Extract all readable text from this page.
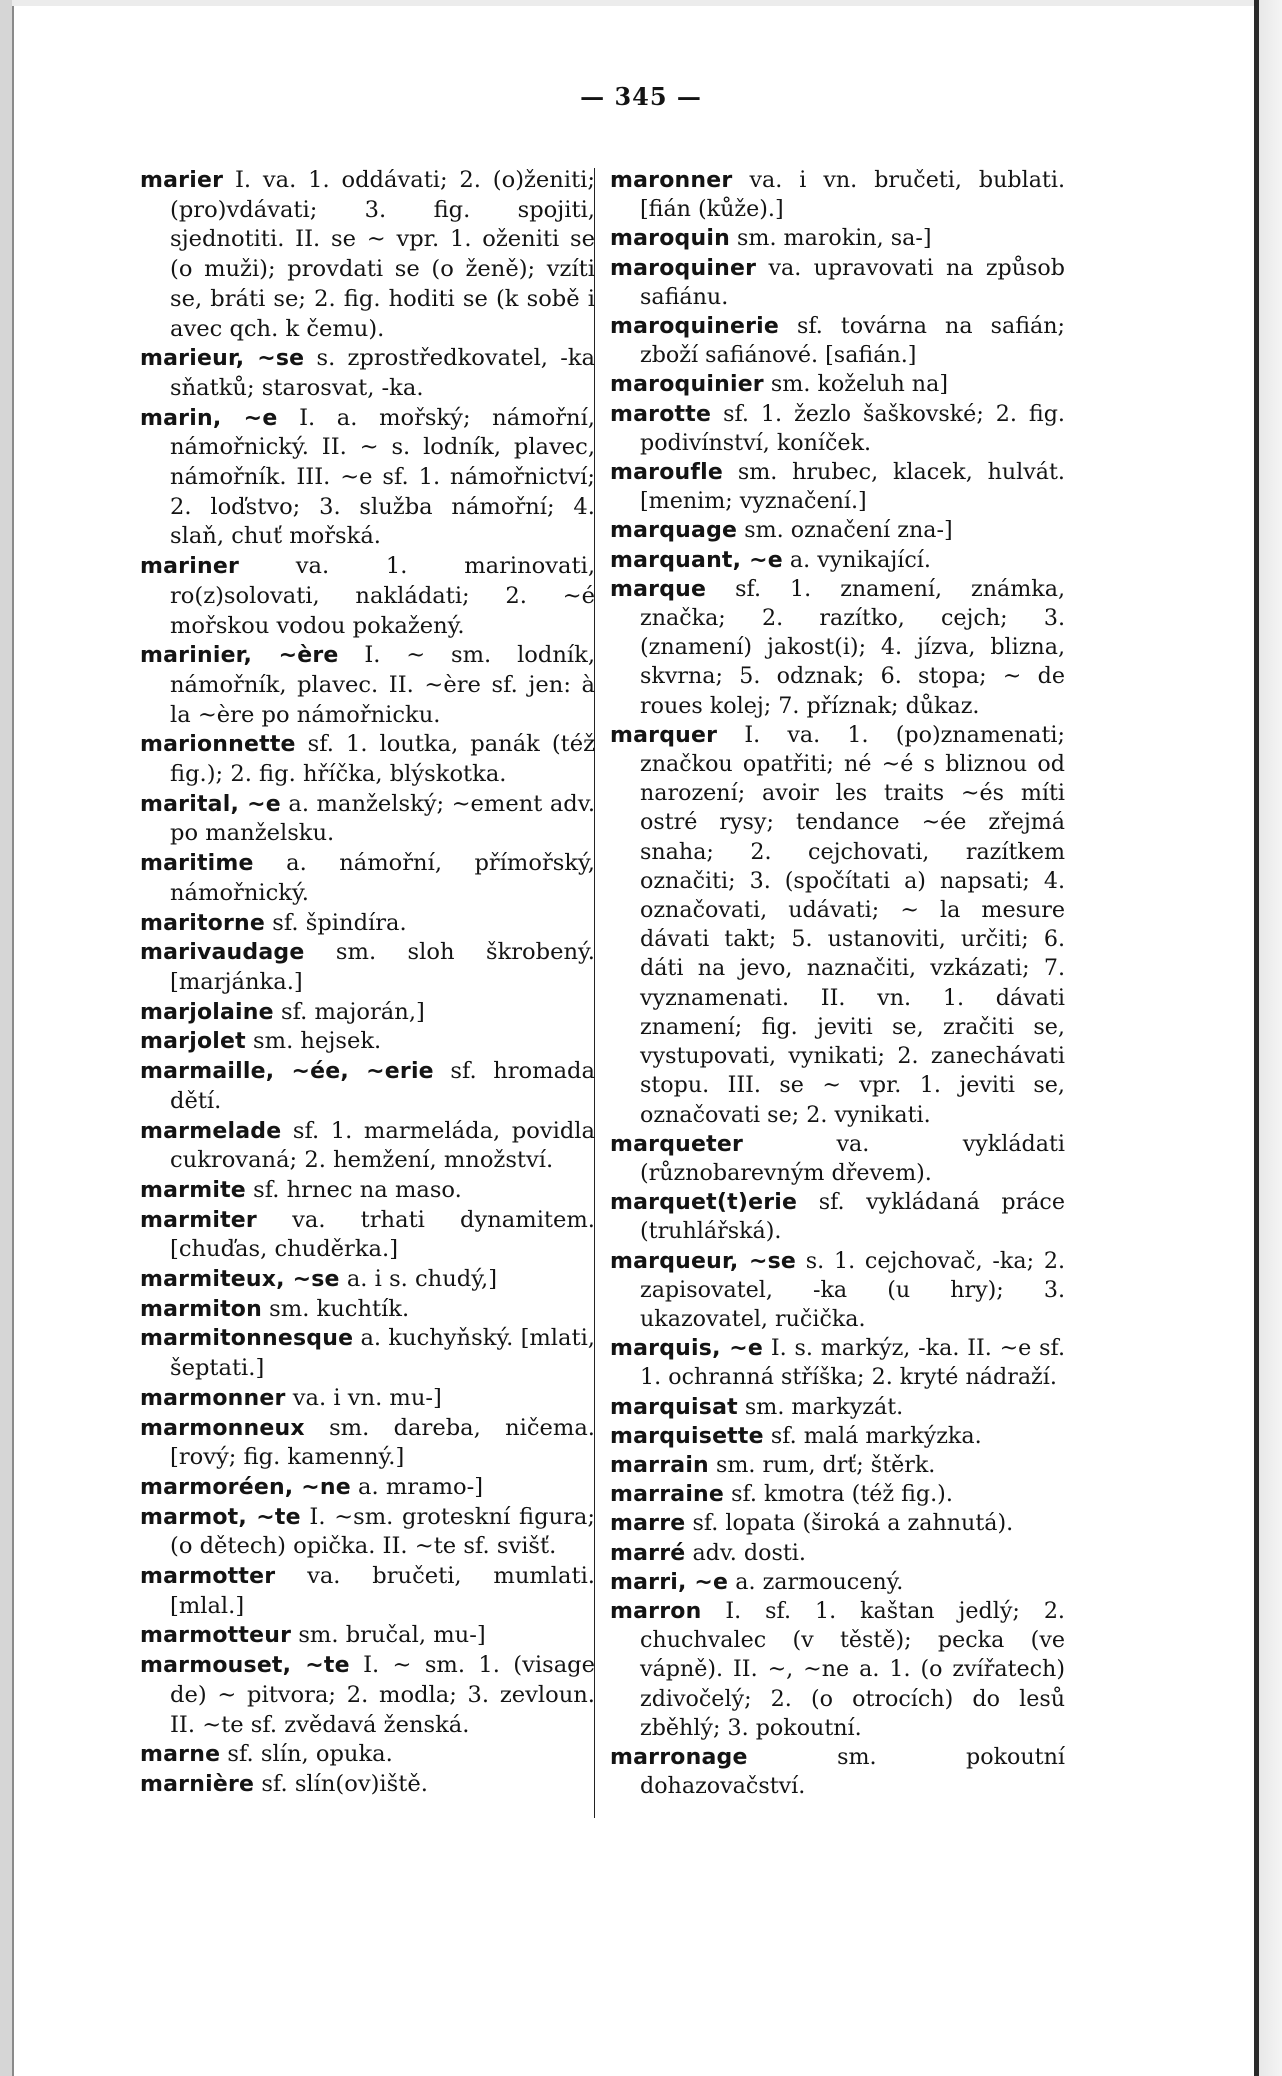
— 345 —

marier I. va. 1. oddávati; 2. (o)ženiti; (pro)vdávati; 3. fig. spojiti, sjednotiti. II. se ~ vpr. 1. oženiti se (o muži); provdati se (o ženě); vzíti se, bráti se; 2. fig. hoditi se (k sobě i avec qch. k čemu).

marieur, ~se s. zprostředkovatel, -ka sňatků; starosvat, -ka.

marin, ~e I. a. mořský; námořní, námořnický. II. ~ s. lodník, plavec, námořník. III. ~e sf. 1. námořnictví; 2. loďstvo; 3. služba námořní; 4. slaň, chuť mořská.

mariner	va. 1. marinovati, ro(z)solovati, nakládati; 2. ~é mořskou vodou pokažený.

marinier, ~ère I. ~ sm. lodník, námořník, plavec. II. ~ère sf. jen: à la ~ère po námořnicku.

marionnette sf. 1. loutka, panák (též fig.); 2. fig. hříčka, blýskotka.

marital, ~e a. manželský; ~ement adv. po manželsku.

maritime a. námořní, přímořský, námořnický.

maritorne sf. špindíra.

marivaudage sm. sloh škrobený. [marjánka.]

marjolaine sf. majorán,]

marjolet sm. hejsek.

marmaille, ~ée, ~erie sf. hromada dětí.

marmelade sf. 1. marmeláda, povidla cukrovaná; 2. hemžení, množství.

marmite sf. hrnec na maso.

marmiter va. trhati dynamitem. [chuďas, chuděrka.]

marmiteux, ~se a. i s. chudý,]

marmiton sm. kuchtík.

marmitonnesque a. kuchyňský. [mlati, šeptati.]

marmonner va. i vn. mu-]

marmonneux sm. dareba, ničema. [rový; fig. kamenný.]

marmoréen, ~ne a. mramo-]

marmot, ~te I. ~sm. groteskní figura; (o dětech) opička. II. ~te sf. svišť.

marmotter va. bručeti, mumlati. [mlal.]

marmotteur sm. bručal, mu-]

marmouset, ~te I. ~ sm. 1. (visage de) ~ pitvora; 2. modla; 3. zevloun. II. ~te sf. zvědavá ženská.

marne sf. slín, opuka.

marnière sf. slín(ov)iště.

maronner va. i vn. bručeti, bublati. [fián (kůže).]

maroquin sm. marokin, sa-]

maroquiner va. upravovati na způsob safiánu.

maroquinerie sf. továrna na safián; zboží safiánové. [safián.]

maroquinier sm. koželuh na]

marotte sf. 1. žezlo šaškovské; 2. fig. podivínství, koníček.

maroufle sm. hrubec, klacek, hulvát. [menim; vyznačení.]

marquage sm. označení zna-]

marquant, ~e a. vynikající.

marque sf. 1. znamení, známka, značka; 2. razítko, cejch; 3. (znamení) jakost(i); 4. jízva, blizna, skvrna; 5. odznak; 6. stopa; ~ de roues kolej; 7. příznak; důkaz.

marquer I. va. 1. (po)znamenati; značkou opatřiti; né ~é s bliznou od narození; avoir les traits ~és míti ostré rysy; tendance ~ée zřejmá snaha; 2. cejchovati, razítkem označiti; 3. (spočítati a) napsati; 4. označovati, udávati; ~ la mesure dávati takt; 5. ustanoviti, určiti; 6. dáti na jevo, naznačiti, vzkázati; 7. vyznamenati. II. vn. 1. dávati znamení; fig. jeviti se, zračiti se, vystupovati, vynikati; 2. zanechávati stopu. III. se ~ vpr. 1. jeviti se, označovati se; 2. vynikati.

marqueter	va. vykládati (různobarevným dřevem).

marquet(t)erie sf. vykládaná práce (truhlářská).

marqueur, ~se s. 1. cejchovač, -ka; 2. zapisovatel, -ka (u hry); 3. ukazovatel, ručička.

marquis, ~e I. s. markýz, -ka. II. ~e sf. 1. ochranná stříška; 2. kryté nádraží.

marquisat sm. markyzát.

marquisette sf. malá markýzka.

marrain sm. rum, drť; štěrk.

marraine sf. kmotra (též fig.).

marre sf. lopata (široká a zahnutá).

marré adv. dosti.

marri, ~e a. zarmoucený.

marron I. sf. 1. kaštan jedlý; 2. chuchvalec (v těstě); pecka (ve vápně). II. ~, ~ne a. 1. (o zvířatech) zdivočelý; 2. (o otrocích) do lesů zběhlý; 3. pokoutní.

marronage	sm. pokoutní dohazovačství.
